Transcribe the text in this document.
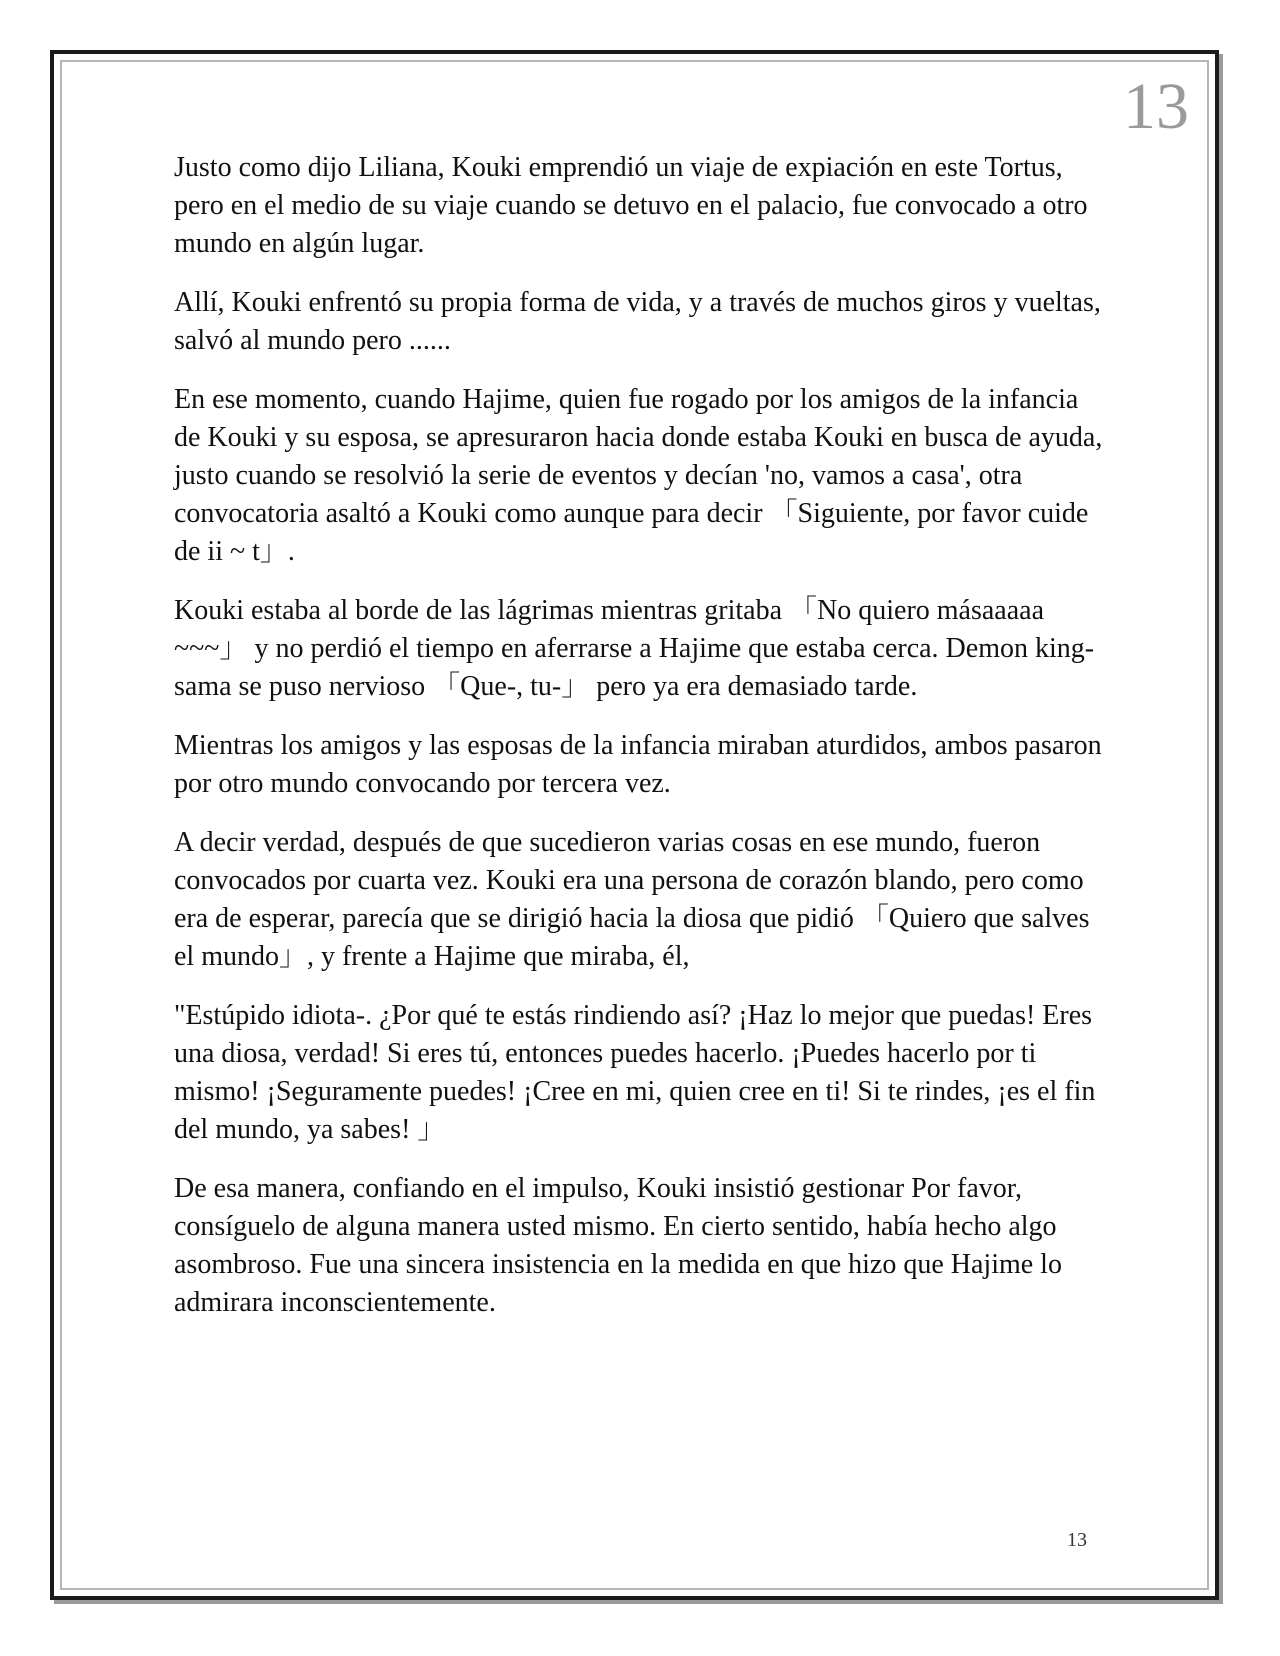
13

Justo como dijo Liliana, Kouki emprendió un viaje de expiación en este Tortus, pero en el medio de su viaje cuando se detuvo en el palacio, fue convocado a otro mundo en algún lugar.

Allí, Kouki enfrentó su propia forma de vida, y a través de muchos giros y vueltas, salvó al mundo pero ......

En ese momento, cuando Hajime, quien fue rogado por los amigos de la infancia de Kouki y su esposa, se apresuraron hacia donde estaba Kouki en busca de ayuda, justo cuando se resolvió la serie de eventos y decían 'no, vamos a casa', otra convocatoria asaltó a Kouki como aunque para decir 「Siguiente, por favor cuide de ii ~ t」.

Kouki estaba al borde de las lágrimas mientras gritaba 「No quiero másaaaaa ~~~」 y no perdió el tiempo en aferrarse a Hajime que estaba cerca. Demon king-sama se puso nervioso 「Que-, tu-」 pero ya era demasiado tarde.

Mientras los amigos y las esposas de la infancia miraban aturdidos, ambos pasaron por otro mundo convocando por tercera vez.

A decir verdad, después de que sucedieron varias cosas en ese mundo, fueron convocados por cuarta vez. Kouki era una persona de corazón blando, pero como era de esperar, parecía que se dirigió hacia la diosa que pidió 「Quiero que salves el mundo」, y frente a Hajime que miraba, él,

"Estúpido idiota-. ¿Por qué te estás rindiendo así? ¡Haz lo mejor que puedas! Eres una diosa, verdad! Si eres tú, entonces puedes hacerlo. ¡Puedes hacerlo por ti mismo! ¡Seguramente puedes! ¡Cree en mi, quien cree en ti! Si te rindes, ¡es el fin del mundo, ya sabes! 」

De esa manera, confiando en el impulso, Kouki insistió gestionar Por favor, consíguelo de alguna manera usted mismo. En cierto sentido, había hecho algo asombroso. Fue una sincera insistencia en la medida en que hizo que Hajime lo admirara inconscientemente.

13
